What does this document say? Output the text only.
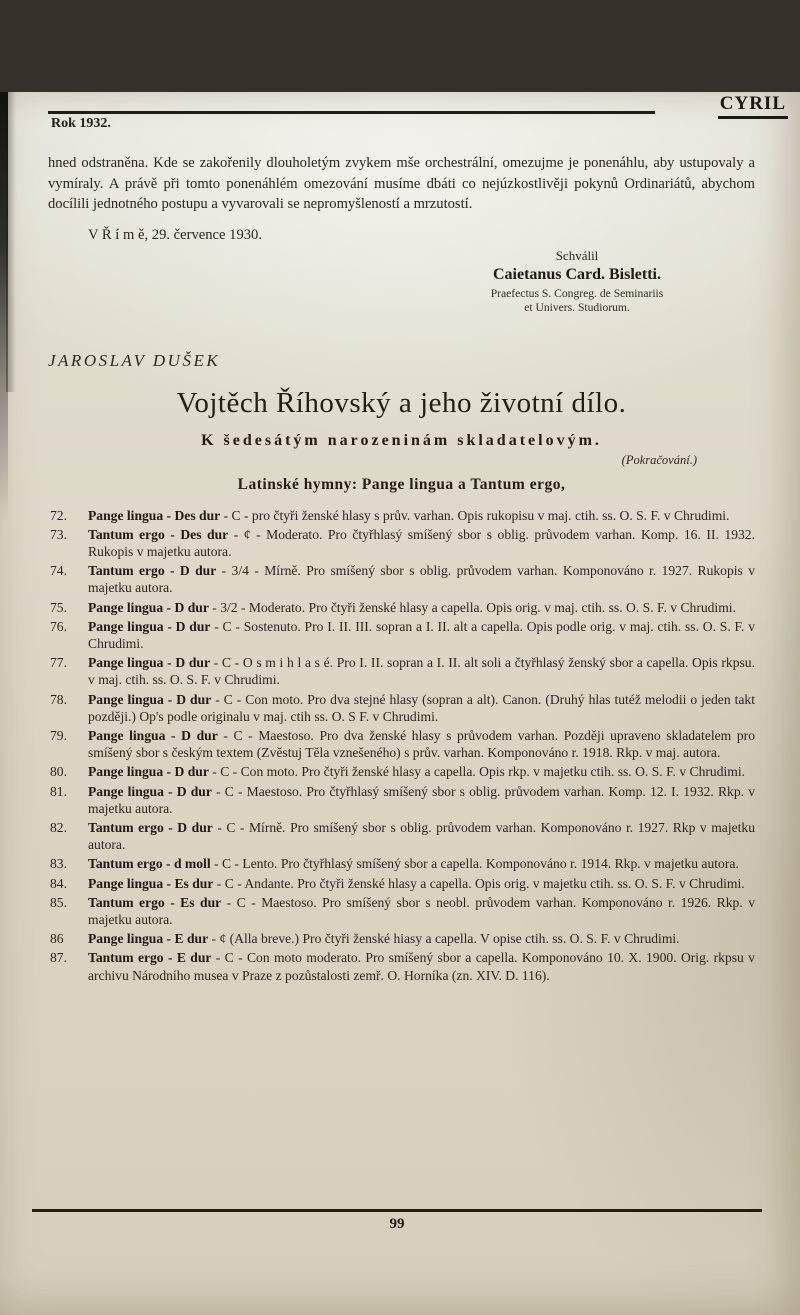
Rok 1932.
CYRIL

hned odstraněna. Kde se zakořenily dlouholetým zvykem mše orchestrální, omezujme je ponenáhlu, aby ustupovaly a vymíraly. A právě při tomto ponenáhlém omezování musíme dbáti co nejúzkostlivěji pokynů Ordinariátů, abychom docílili jednotného postupu a vyvarovali se nepromyšleností a mrzutostí.

V Ř í m ě, 29. července 1930.

Schválil
Caietanus Card. Bisletti.
Praefectus S. Congreg. de Seminariis
et Univers. Studiorum.
JAROSLAV DUŠEK
Vojtěch Říhovský a jeho životní dílo.
K šedesátým narozeninám skladatelovým.
(Pokračování.)
Latinské hymny: Pange lingua a Tantum ergo,
72. Pange lingua - Des dur - C - pro čtyři ženské hlasy s prův. varhan. Opis rukopisu v maj. ctih. ss. O. S. F. v Chrudimi.
73. Tantum ergo - Des dur - ¢ - Moderato. Pro čtyřhlasý smíšený sbor s oblig. průvodem varhan. Komp. 16. II. 1932. Rukopis v majetku autora.
74. Tantum ergo - D dur - 3/4 - Mírně. Pro smíšený sbor s oblig. průvodem varhan. Komponováno r. 1927. Rukopis v majetku autora.
75. Pange lingua - D dur - 3/2 - Moderato. Pro čtyři ženské hlasy a capella. Opis orig. v maj. ctih. ss. O. S. F. v Chrudimi.
76. Pange lingua - D dur - C - Sostenuto. Pro I. II. III. sopran a I. II. alt a capella. Opis podle orig. v maj. ctih. ss. O. S. F. v Chrudimi.
77. Pange lingua - D dur - C - O s m i h l a s é. Pro I. II. sopran a I. II. alt soli a čtyřhlasý ženský sbor a capella. Opis rkpsu. v maj. ctih. ss. O. S. F. v Chrudimi.
78. Pange lingua - D dur - C - Con moto. Pro dva stejné hlasy (sopran a alt). Canon. (Druhý hlas tutéž melodii o jeden takt později.) Op's podle originalu v maj. ctih ss. O. S F. v Chrudimi.
79. Pange lingua - D dur - C - Maestoso. Pro dva ženské hlasy s průvodem varhan. Později upraveno skladatelem pro smíšený sbor s českým textem (Zvěstuj Těla vznešeného) s prův. varhan. Komponováno r. 1918. Rkp. v maj. autora.
80. Pange lingua - D dur - C - Con moto. Pro čtyři ženské hlasy a capella. Opis rkp. v majetku ctih. ss. O. S. F. v Chrudimi.
81. Pange lingua - D dur - C - Maestoso. Pro čtyřhlasý smíšený sbor s oblig. průvodem varhan. Komp. 12. I. 1932. Rkp. v majetku autora.
82. Tantum ergo - D dur - C - Mírně. Pro smíšený sbor s oblig. průvodem varhan. Komponováno r. 1927. Rkp v majetku autora.
83. Tantum ergo - d moll - C - Lento. Pro čtyřhlasý smíšený sbor a capella. Komponováno r. 1914. Rkp. v majetku autora.
84. Pange lingua - Es dur - C - Andante. Pro čtyři ženské hlasy a capella. Opis orig. v majetku ctih. ss. O. S. F. v Chrudimi.
85. Tantum ergo - Es dur - C - Maestoso. Pro smíšený sbor s neobl. průvodem varhan. Komponováno r. 1926. Rkp. v majetku autora.
86 Pange lingua - E dur - ¢ (Alla breve.) Pro čtyři ženské hiasy a capella. V opise ctih. ss. O. S. F. v Chrudimi.
87. Tantum ergo - E dur - C - Con moto moderato. Pro smíšený sbor a capella. Komponováno 10. X. 1900. Orig. rkpsu v archivu Národního musea v Praze z pozůstalosti zemř. O. Horníka (zn. XIV. D. 116).
99
